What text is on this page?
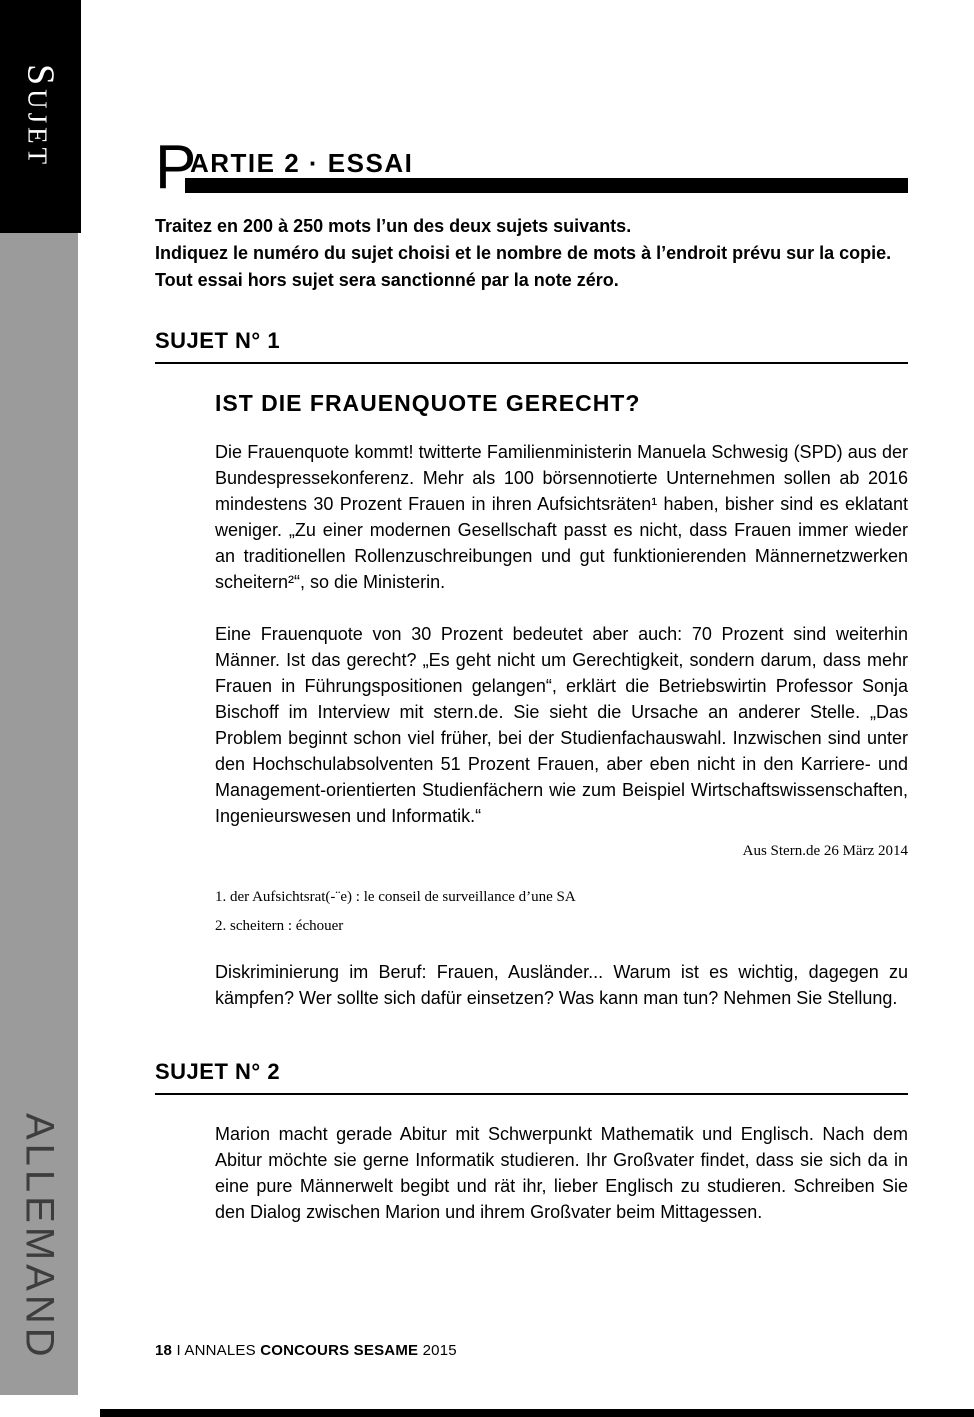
Sujet
ALLEMAND
P
ARTIE 2 · ESSAI
Traitez en 200 à 250 mots l’un des deux sujets suivants.
Indiquez le numéro du sujet choisi et le nombre de mots à l’endroit prévu sur la copie.
Tout essai hors sujet sera sanctionné par la note zéro.
SUJET N° 1
IST DIE FRAUENQUOTE GERECHT?

Die Frauenquote kommt! twitterte Familienministerin Manuela Schwesig (SPD) aus der Bundespressekonferenz. Mehr als 100 börsennotierte Unternehmen sollen ab 2016 mindestens 30 Prozent Frauen in ihren Aufsichtsräten¹ haben, bisher sind es eklatant weniger. „Zu einer modernen Gesellschaft passt es nicht, dass Frauen immer wieder an traditionellen Rollenzuschreibungen und gut funktionierenden Männernetzwerken scheitern²“, so die Ministerin.

Eine Frauenquote von 30 Prozent bedeutet aber auch: 70 Prozent sind weiterhin Männer. Ist das gerecht? „Es geht nicht um Gerechtigkeit, sondern darum, dass mehr Frauen in Führungspositionen gelangen“, erklärt die Betriebswirtin Professor Sonja Bischoff im Interview mit stern.de. Sie sieht die Ursache an anderer Stelle. „Das Problem beginnt schon viel früher, bei der Studienfachauswahl. Inzwischen sind unter den Hochschulabsolventen 51 Prozent Frauen, aber eben nicht in den Karriere- und Management-orientierten Studienfächern wie zum Beispiel Wirtschaftswissenschaften, Ingenieurswesen und Informatik.“

Aus Stern.de 26 März 2014
1. der Aufsichtsrat(-¨e) : le conseil de surveillance d’une SA
2. scheitern : échouer

Diskriminierung im Beruf: Frauen, Ausländer... Warum ist es wichtig, dagegen zu kämpfen? Wer sollte sich dafür einsetzen? Was kann man tun? Nehmen Sie Stellung.

SUJET N° 2

Marion macht gerade Abitur mit Schwerpunkt Mathematik und Englisch. Nach dem Abitur möchte sie gerne Informatik studieren. Ihr Großvater findet, dass sie sich da in eine pure Männerwelt begibt und rät ihr, lieber Englisch zu studieren. Schreiben Sie den Dialog zwischen Marion und ihrem Großvater beim Mittagessen.

18 I ANNALES CONCOURS SESAME 2015
